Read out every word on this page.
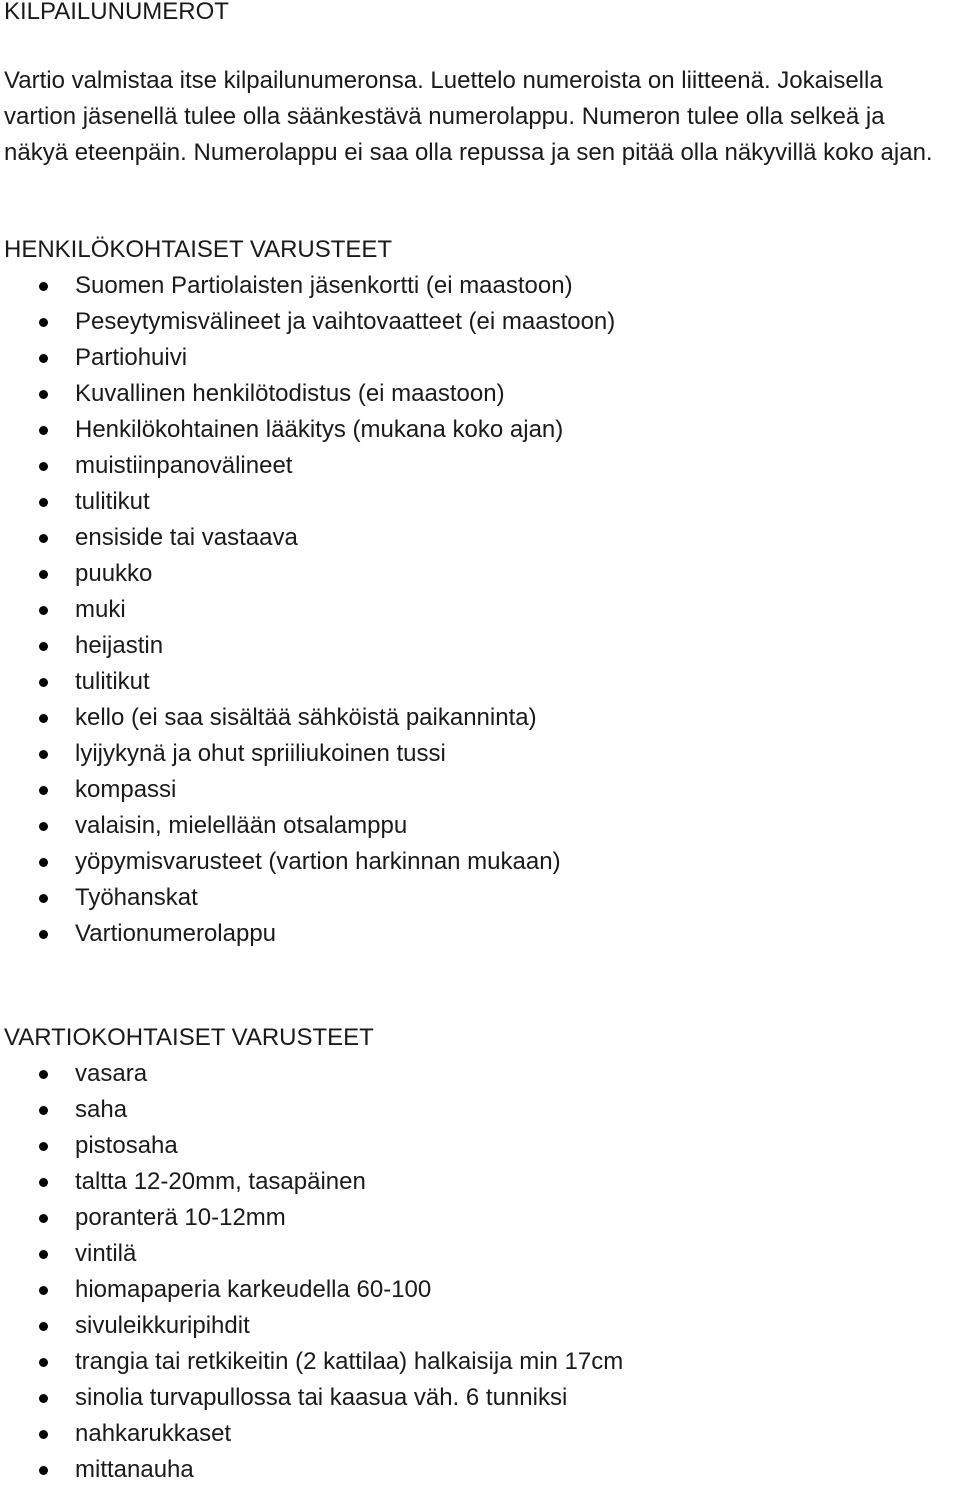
KILPAILUNUMEROT

Vartio valmistaa itse kilpailunumeronsa. Luettelo numeroista on liitteenä. Jokaisella vartion jäsenellä tulee olla säänkestävä numerolappu. Numeron tulee olla selkeä ja näkyä eteenpäin. Numerolappu ei saa olla repussa ja sen pitää olla näkyvillä koko ajan.

HENKILÖKOHTAISET VARUSTEET
Suomen Partiolaisten jäsenkortti (ei maastoon)
Peseytymisvälineet ja vaihtovaatteet (ei maastoon)
Partiohuivi
Kuvallinen henkilötodistus (ei maastoon)
Henkilökohtainen lääkitys (mukana koko ajan)
muistiinpanovälineet
tulitikut
ensiside tai vastaava
puukko
muki
heijastin
tulitikut
kello (ei saa sisältää sähköistä paikanninta)
lyijykynä ja ohut spriiliukoinen tussi
kompassi
valaisin, mielellään otsalamppu
yöpymisvarusteet (vartion harkinnan mukaan)
Työhanskat
Vartionumerolappu
VARTIOKOHTAISET VARUSTEET
vasara
saha
pistosaha
taltta 12-20mm, tasapäinen
poranterä 10-12mm
vintilä
hiomapaperia karkeudella 60-100
sivuleikkuripihdit
trangia tai retkikeitin (2 kattilaa) halkaisija min 17cm
sinolia turvapullossa tai kaasua väh. 6 tunniksi
nahkarukkaset
mittanauha
